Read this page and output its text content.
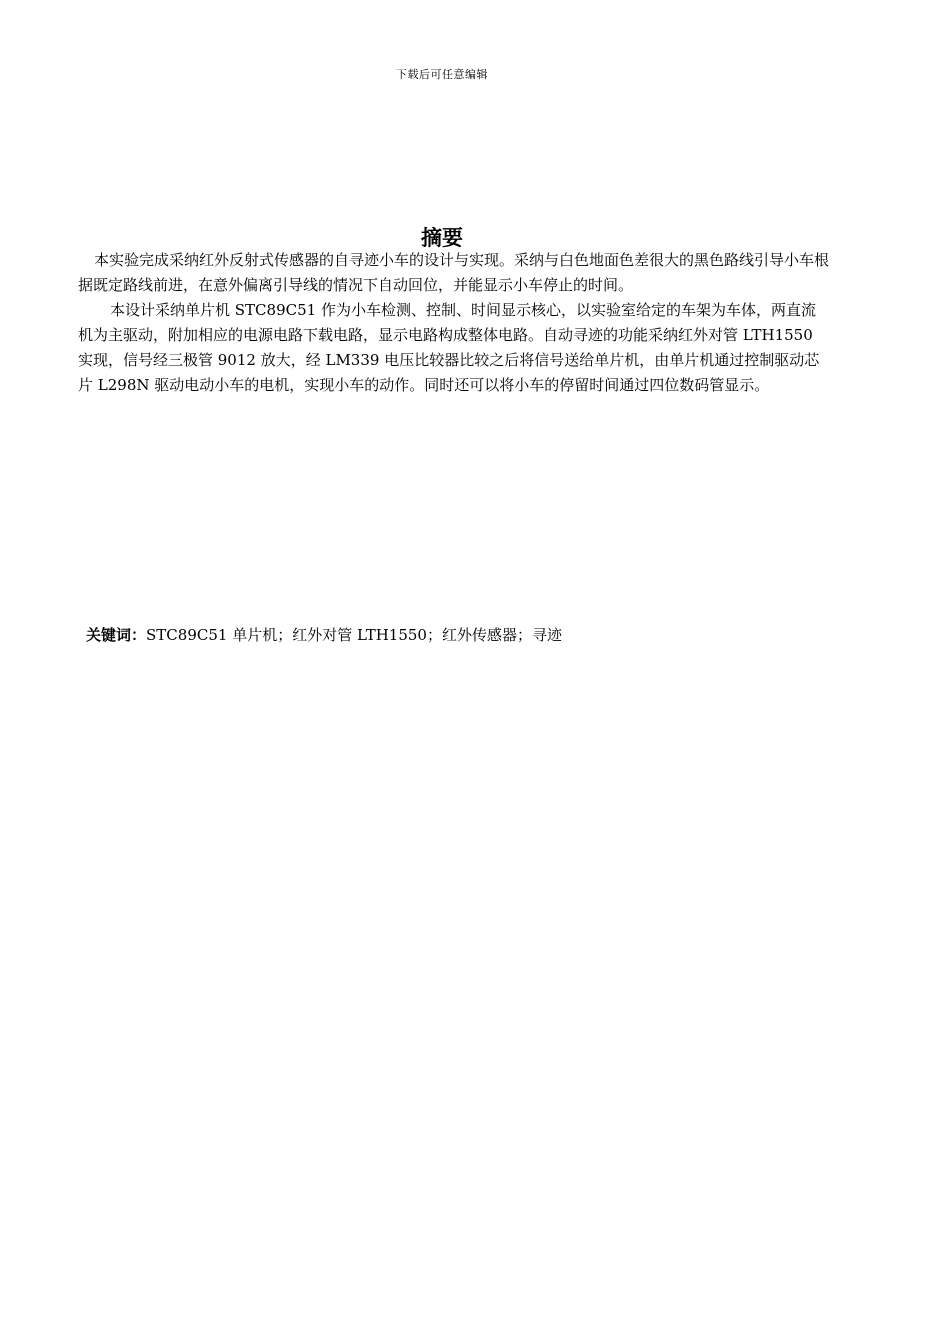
下载后可任意编辑
摘要

本实验完成采纳红外反射式传感器的自寻迹小车的设计与实现。采纳与白色地面色差很大的黑色路线引导小车根据既定路线前进，在意外偏离引导线的情况下自动回位，并能显示小车停止的时间。

本设计采纳单片机 STC89C51 作为小车检测、控制、时间显示核心，以实验室给定的车架为车体，两直流机为主驱动，附加相应的电源电路下载电路，显示电路构成整体电路。自动寻迹的功能采纳红外对管 LTH1550 实现，信号经三极管 9012 放大，经 LM339 电压比较器比较之后将信号送给单片机，由单片机通过控制驱动芯片 L298N 驱动电动小车的电机，实现小车的动作。同时还可以将小车的停留时间通过四位数码管显示。

关键词：STC89C51 单片机；红外对管 LTH1550；红外传感器；寻迹
